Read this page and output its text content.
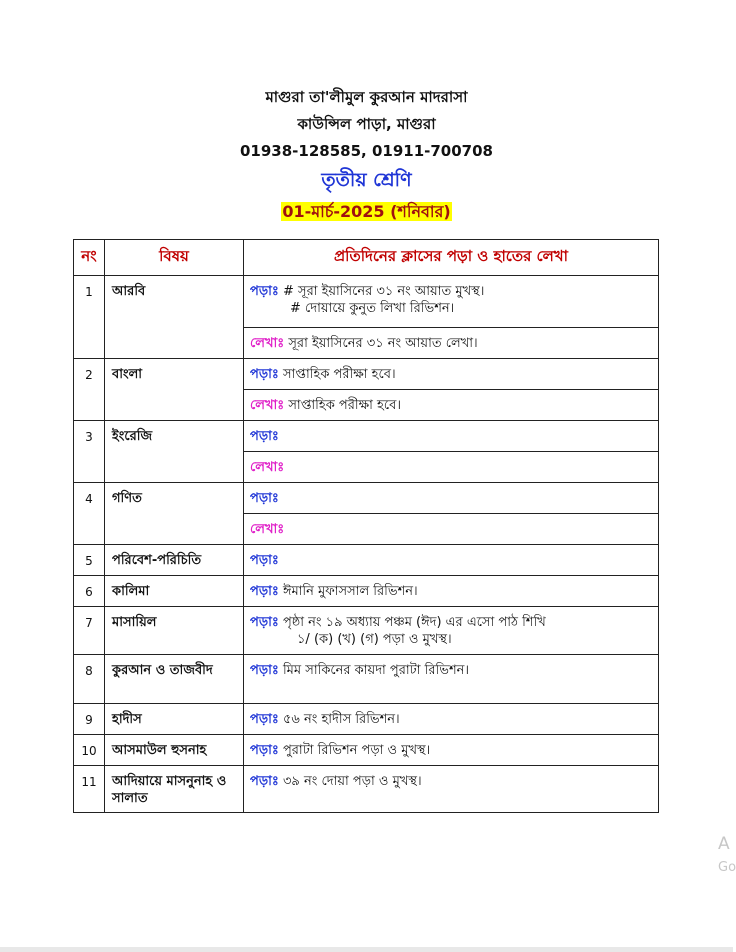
মাগুরা তা'লীমুল কুরআন মাদরাসা
কাউন্সিল পাড়া, মাগুরা
01938-128585, 01911-700708
তৃতীয় শ্রেণি
01-মার্চ-2025 (শনিবার)
নং	বিষয়	প্রতিদিনের ক্লাসের পড়া ও হাতের লেখা
1	আরবি	পড়াঃ # সূরা ইয়াসিনের ৩১ নং আয়াত মুখস্থ।
# দোয়ায়ে কুনুত লিখা রিভিশন।
		লেখাঃ সূরা ইয়াসিনের ৩১ নং আয়াত লেখা।
2	বাংলা	পড়াঃ সাপ্তাহিক পরীক্ষা হবে।
		লেখাঃ সাপ্তাহিক পরীক্ষা হবে।
3	ইংরেজি	পড়াঃ
		লেখাঃ
4	গণিত	পড়াঃ
		লেখাঃ
5	পরিবেশ-পরিচিতি	পড়াঃ
6	কালিমা	পড়াঃ ঈমানি মুফাসসাল রিভিশন।
7	মাসায়িল	পড়াঃ পৃষ্ঠা নং ১৯ অধ্যায় পঞ্চম (ঈদ) এর এসো পাঠ শিখি
১/ (ক) (খ) (গ) পড়া ও মুখস্থ।
8	কুরআন ও তাজবীদ	পড়াঃ মিম সাকিনের কায়দা পুরাটা রিভিশন।
9	হাদীস	পড়াঃ ৫৬ নং হাদীস রিভিশন।
10	আসমাউল হুসনাহ	পড়াঃ পুরাটা রিভিশন পড়া ও মুখস্থ।
11	আদিয়ায়ে মাসনুনাহ ও সালাত	পড়াঃ ৩৯ নং দোয়া পড়া ও মুখস্থ।
A
Go
